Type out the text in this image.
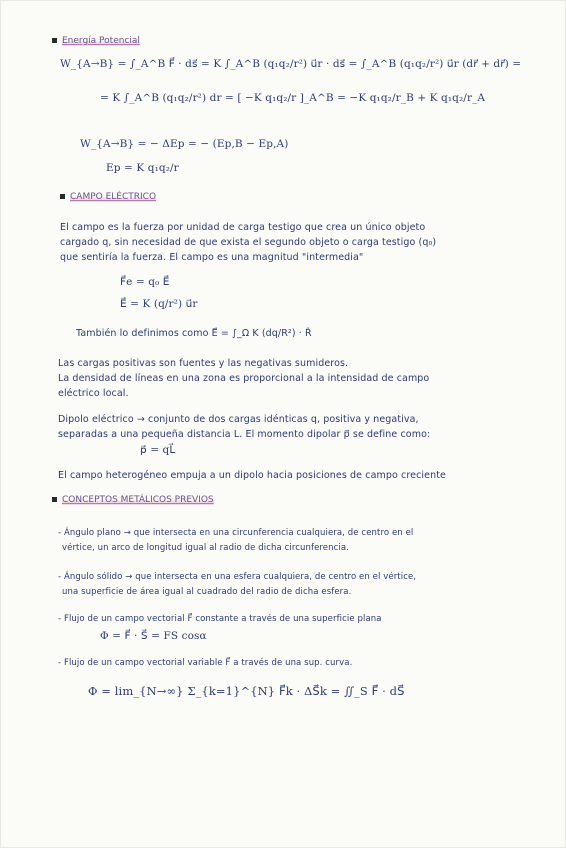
Energía Potencial
W_{A→B} = ∫_A^B F⃗ · ds⃗ = K ∫_A^B (q₁q₂/r²) u⃗r · ds⃗ = ∫_A^B (q₁q₂/r²) u⃗r (dr⃗ + dr⃗) =
= K ∫_A^B (q₁q₂/r²) dr = [ −K q₁q₂/r ]_A^B = −K q₁q₂/r_B + K q₁q₂/r_A
W_{A→B} = − ΔEp = − (Ep,B − Ep,A)
Ep = K q₁q₂/r
CAMPO ELÉCTRICO
El campo es la fuerza por unidad de carga testigo que crea un único objeto
cargado q, sin necesidad de que exista el segundo objeto o carga testigo (q₀)
que sentiría la fuerza. El campo es una magnitud "intermedia"
F⃗e = q₀ E⃗
E⃗ = K (q/r²) u⃗r
También lo definimos como E⃗ = ∫_Ω K (dq/R²) · R̂
Las cargas positivas son fuentes y las negativas sumideros.
La densidad de líneas en una zona es proporcional a la intensidad de campo
eléctrico local.
Dipolo eléctrico → conjunto de dos cargas idénticas q, positiva y negativa,
separadas a una pequeña distancia L. El momento dipolar p⃗ se define como:
p⃗ = qL⃗
El campo heterogéneo empuja a un dipolo hacia posiciones de campo creciente
CONCEPTOS METÁLICOS PREVIOS
- Ángulo plano → que intersecta en una circunferencia cualquiera, de centro en el
vértice, un arco de longitud igual al radio de dicha circunferencia.
- Ángulo sólido → que intersecta en una esfera cualquiera, de centro en el vértice,
una superficie de área igual al cuadrado del radio de dicha esfera.
- Flujo de un campo vectorial F⃗ constante a través de una superficie plana
Φ = F⃗ · S⃗ = FS cosα
- Flujo de un campo vectorial variable F⃗ a través de una sup. curva.
Φ = lim_{N→∞} Σ_{k=1}^{N} F⃗k · ΔS⃗k = ∬_S F⃗ · dS⃗
